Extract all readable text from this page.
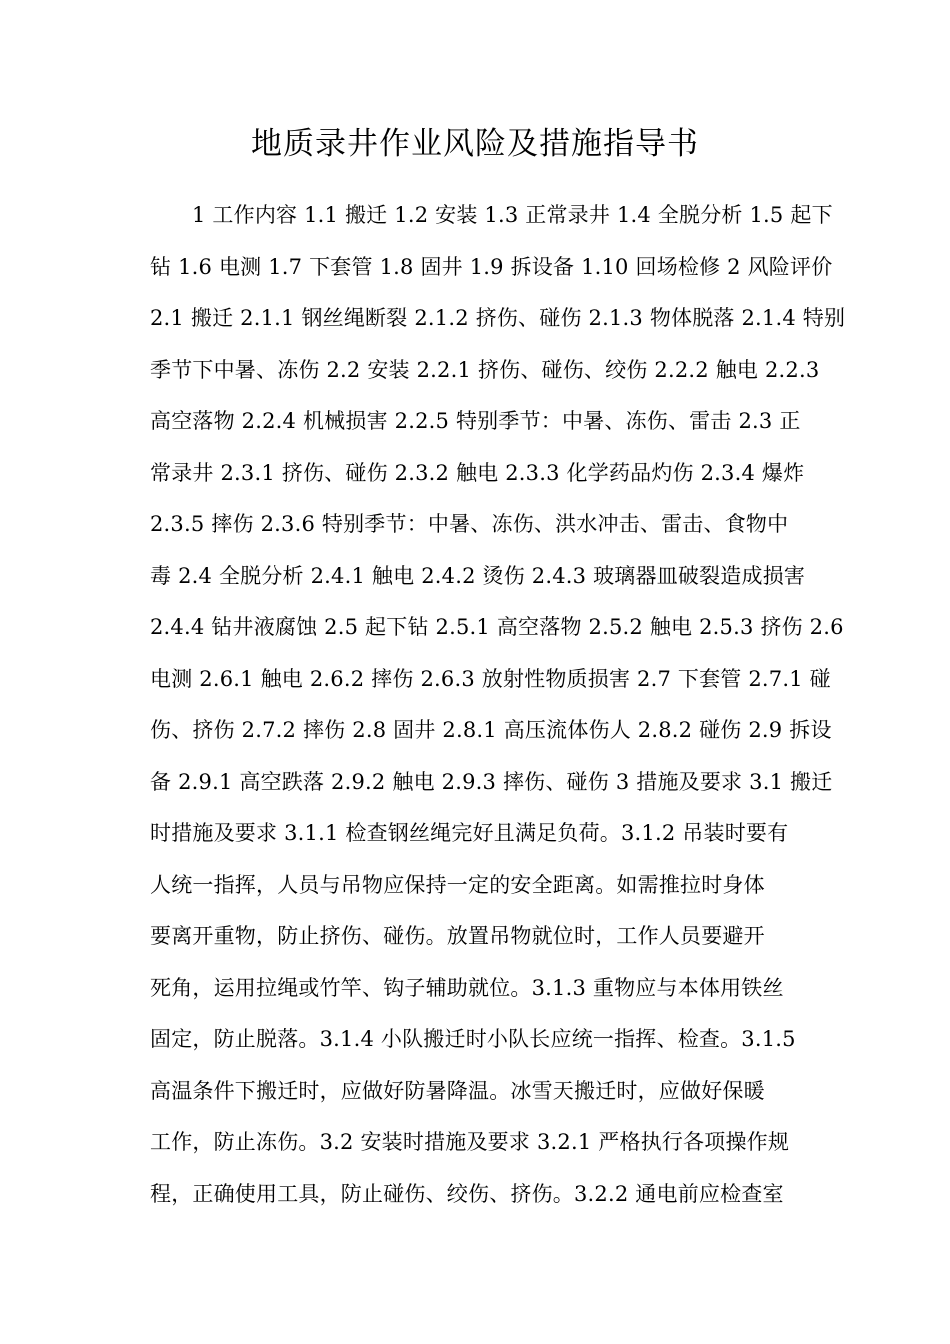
地质录井作业风险及措施指导书
1 工作内容 1.1 搬迁 1.2 安装 1.3 正常录井 1.4 全脱分析 1.5 起下
钻 1.6 电测 1.7 下套管 1.8 固井 1.9 拆设备 1.10 回场检修 2 风险评价
2.1 搬迁 2.1.1 钢丝绳断裂 2.1.2 挤伤、碰伤 2.1.3 物体脱落 2.1.4 特别
季节下中暑、冻伤 2.2 安装 2.2.1 挤伤、碰伤、绞伤 2.2.2 触电 2.2.3
高空落物 2.2.4 机械损害 2.2.5 特别季节：中暑、冻伤、雷击 2.3 正
常录井 2.3.1 挤伤、碰伤 2.3.2 触电 2.3.3 化学药品灼伤 2.3.4 爆炸
2.3.5 摔伤 2.3.6 特别季节：中暑、冻伤、洪水冲击、雷击、食物中
毒 2.4 全脱分析 2.4.1 触电 2.4.2 烫伤 2.4.3 玻璃器皿破裂造成损害
2.4.4 钻井液腐蚀 2.5 起下钻 2.5.1 高空落物 2.5.2 触电 2.5.3 挤伤 2.6
电测 2.6.1 触电 2.6.2 摔伤 2.6.3 放射性物质损害 2.7 下套管 2.7.1 碰
伤、挤伤 2.7.2 摔伤 2.8 固井 2.8.1 高压流体伤人 2.8.2 碰伤 2.9 拆设
备 2.9.1 高空跌落 2.9.2 触电 2.9.3 摔伤、碰伤 3 措施及要求 3.1 搬迁
时措施及要求 3.1.1 检查钢丝绳完好且满足负荷。3.1.2 吊装时要有
人统一指挥，人员与吊物应保持一定的安全距离。如需推拉时身体
要离开重物，防止挤伤、碰伤。放置吊物就位时，工作人员要避开
死角，运用拉绳或竹竿、钩子辅助就位。3.1.3 重物应与本体用铁丝
固定，防止脱落。3.1.4 小队搬迁时小队长应统一指挥、检查。3.1.5
高温条件下搬迁时，应做好防暑降温。冰雪天搬迁时，应做好保暖
工作，防止冻伤。3.2 安装时措施及要求 3.2.1 严格执行各项操作规
程，正确使用工具，防止碰伤、绞伤、挤伤。3.2.2 通电前应检查室
